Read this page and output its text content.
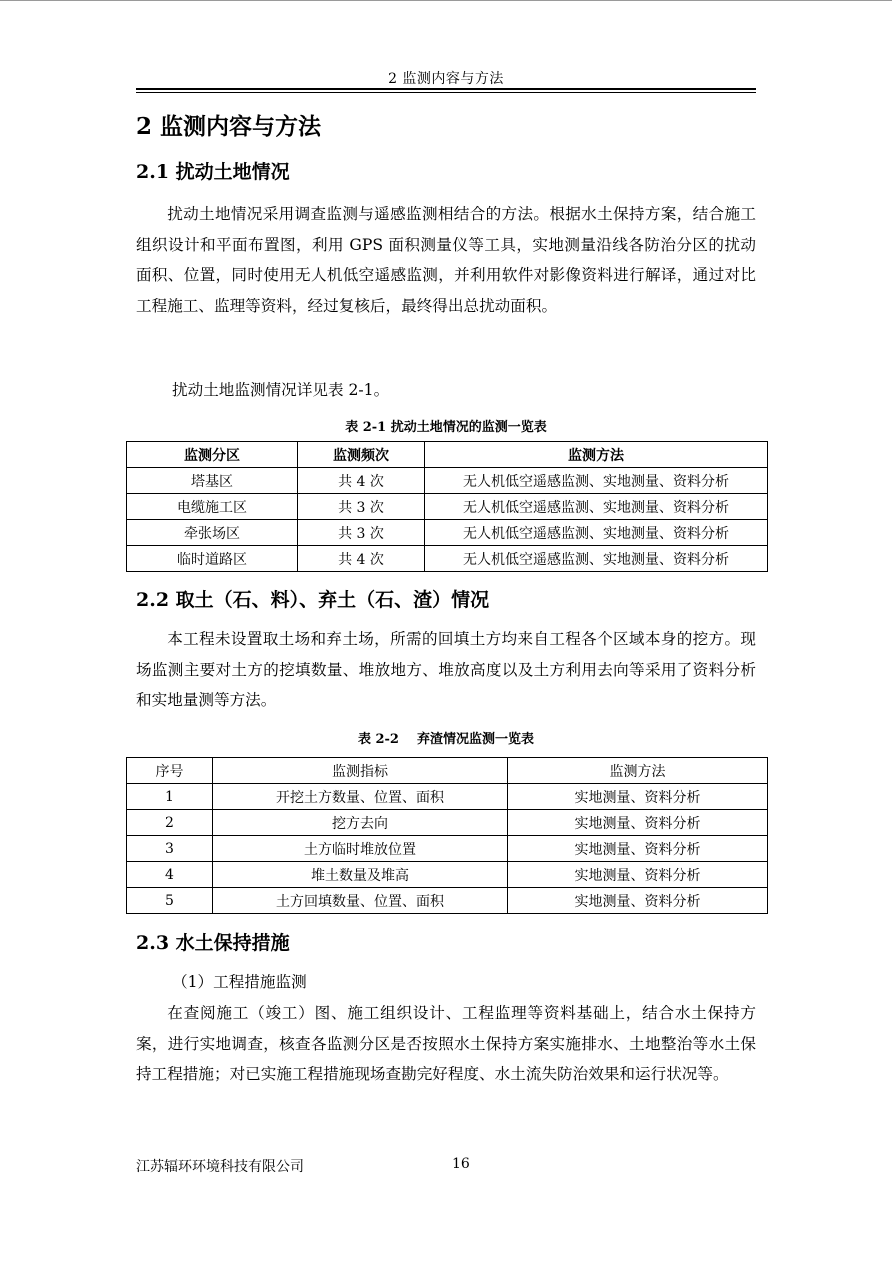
2 监测内容与方法
2 监测内容与方法
2.1 扰动土地情况

扰动土地情况采用调查监测与遥感监测相结合的方法。根据水土保持方案，结合施工组织设计和平面布置图，利用 GPS 面积测量仪等工具，实地测量沿线各防治分区的扰动面积、位置，同时使用无人机低空遥感监测，并利用软件对影像资料进行解译，通过对比工程施工、监理等资料，经过复核后，最终得出总扰动面积。

扰动土地监测情况详见表 2-1。
表 2-1 扰动土地情况的监测一览表
监测分区	监测频次	监测方法
塔基区	共 4 次	无人机低空遥感监测、实地测量、资料分析
电缆施工区	共 3 次	无人机低空遥感监测、实地测量、资料分析
牵张场区	共 3 次	无人机低空遥感监测、实地测量、资料分析
临时道路区	共 4 次	无人机低空遥感监测、实地测量、资料分析
2.2 取土（石、料）、弃土（石、渣）情况

本工程未设置取土场和弃土场，所需的回填土方均来自工程各个区域本身的挖方。现场监测主要对土方的挖填数量、堆放地方、堆放高度以及土方利用去向等采用了资料分析和实地量测等方法。

表 2-2    弃渣情况监测一览表
序号	监测指标	监测方法
1	开挖土方数量、位置、面积	实地测量、资料分析
2	挖方去向	实地测量、资料分析
3	土方临时堆放位置	实地测量、资料分析
4	堆土数量及堆高	实地测量、资料分析
5	土方回填数量、位置、面积	实地测量、资料分析
2.3 水土保持措施
（1）工程措施监测

在查阅施工（竣工）图、施工组织设计、工程监理等资料基础上，结合水土保持方案，进行实地调查，核查各监测分区是否按照水土保持方案实施排水、土地整治等水土保持工程措施；对已实施工程措施现场查勘完好程度、水土流失防治效果和运行状况等。

江苏辐环环境科技有限公司	16
